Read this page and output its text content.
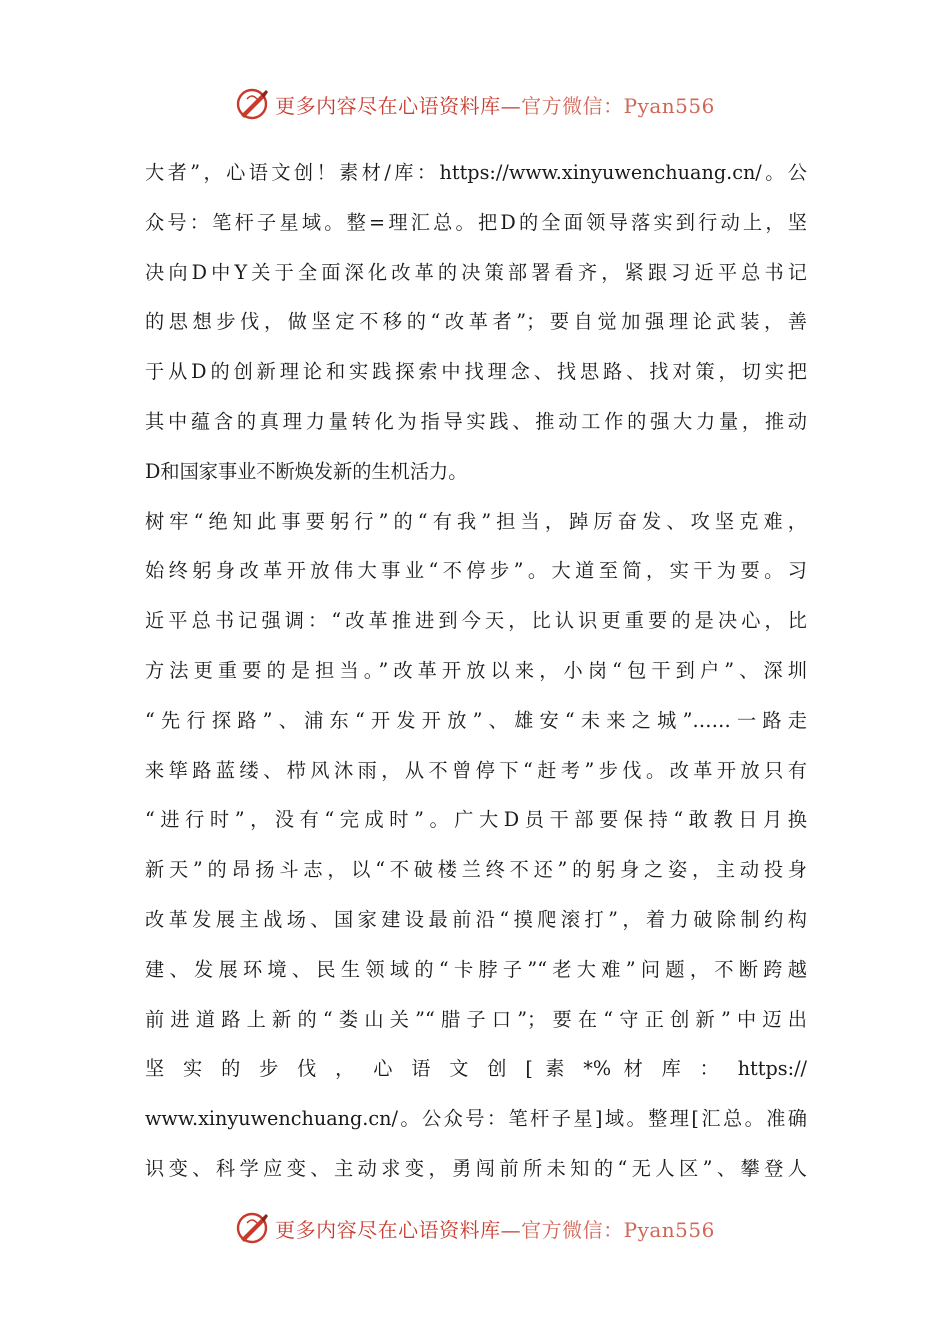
更多内容尽在心语资料库—官方微信：Pyan556
大者”，心语文创！素材/库：https://www.xinyuwenchuang.cn/。公
众号：笔杆子星域。整=理汇总。把D的全面领导落实到行动上，坚
决向D中Y关于全面深化改革的决策部署看齐，紧跟习近平总书记
的思想步伐，做坚定不移的“改革者”；要自觉加强理论武装，善
于从D的创新理论和实践探索中找理念、找思路、找对策，切实把
其中蕴含的真理力量转化为指导实践、推动工作的强大力量，推动
D和国家事业不断焕发新的生机活力。
树牢“绝知此事要躬行”的“有我”担当，踔厉奋发、攻坚克难，
始终躬身改革开放伟大事业“不停步”。大道至简，实干为要。习
近平总书记强调：“改革推进到今天，比认识更重要的是决心，比
方法更重要的是担当。”改革开放以来，小岗“包干到户”、深圳
“先行探路”、浦东“开发开放”、雄安“未来之城”……一路走
来筚路蓝缕、栉风沐雨，从不曾停下“赶考”步伐。改革开放只有
“进行时”，没有“完成时”。广大D员干部要保持“敢教日月换
新天”的昂扬斗志，以“不破楼兰终不还”的躬身之姿，主动投身
改革发展主战场、国家建设最前沿“摸爬滚打”，着力破除制约构
建、发展环境、民生领域的“卡脖子”“老大难”问题，不断跨越
前进道路上新的“娄山关”“腊子口”；要在“守正创新”中迈出
坚 实 的 步 伐 ， 心 语 文 创 [ 素 *% 材 库 ： https://
www.xinyuwenchuang.cn/。公众号：笔杆子星]域。整理[汇总。准确
识变、科学应变、主动求变，勇闯前所未知的“无人区”、攀登人
更多内容尽在心语资料库—官方微信：Pyan556
